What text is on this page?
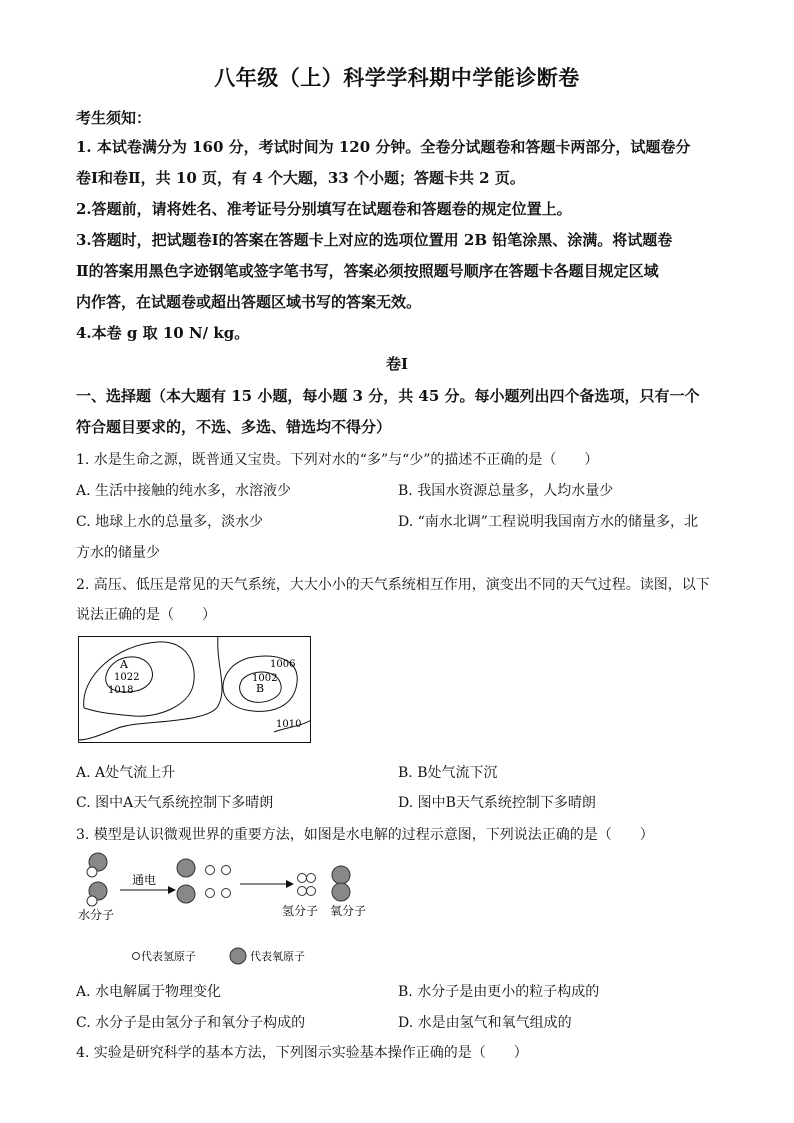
八年级（上）科学学科期中学能诊断卷
考生须知：
1. 本试卷满分为 160 分，考试时间为 120 分钟。全卷分试题卷和答题卡两部分，试题卷分
卷Ⅰ和卷Ⅱ，共 10 页，有 4 个大题，33 个小题；答题卡共 2 页。
2.答题前，请将姓名、准考证号分别填写在试题卷和答题卷的规定位置上。
3.答题时，把试题卷Ⅰ的答案在答题卡上对应的选项位置用 2B 铅笔涂黑、涂满。将试题卷
Ⅱ的答案用黑色字迹钢笔或签字笔书写，答案必须按照题号顺序在答题卡各题目规定区域
内作答，在试题卷或超出答题区域书写的答案无效。
4.本卷 g 取 10 N/ kg。
卷Ⅰ
一、选择题（本大题有 15 小题，每小题 3 分，共 45 分。每小题列出四个备选项，只有一个
符合题目要求的，不选、多选、错选均不得分）
1. 水是生命之源，既普通又宝贵。下列对水的“多”与“少”的描述不正确的是（　　）
A. 生活中接触的纯水多，水溶液少	B. 我国水资源总量多，人均水量少
C. 地球上水的总量多，淡水少	D. “南水北调”工程说明我国南方水的储量多，北
方水的储量少
2. 高压、低压是常见的天气系统，大大小小的天气系统相互作用，演变出不同的天气过程。读图，以下
说法正确的是（　　）
A
1022
1018
1006
1002
B
1010
A. A处气流上升	B. B处气流下沉
C. 图中A天气系统控制下多晴朗	D. 图中B天气系统控制下多晴朗
3. 模型是认识微观世界的重要方法，如图是水电解的过程示意图，下列说法正确的是（　　）
水分子
通电
氢分子 氧分子
代表氢原子	代表氧原子
A. 水电解属于物理变化	B. 水分子是由更小的粒子构成的
C. 水分子是由氢分子和氧分子构成的	D. 水是由氢气和氧气组成的
4. 实验是研究科学的基本方法，下列图示实验基本操作正确的是（　　）
